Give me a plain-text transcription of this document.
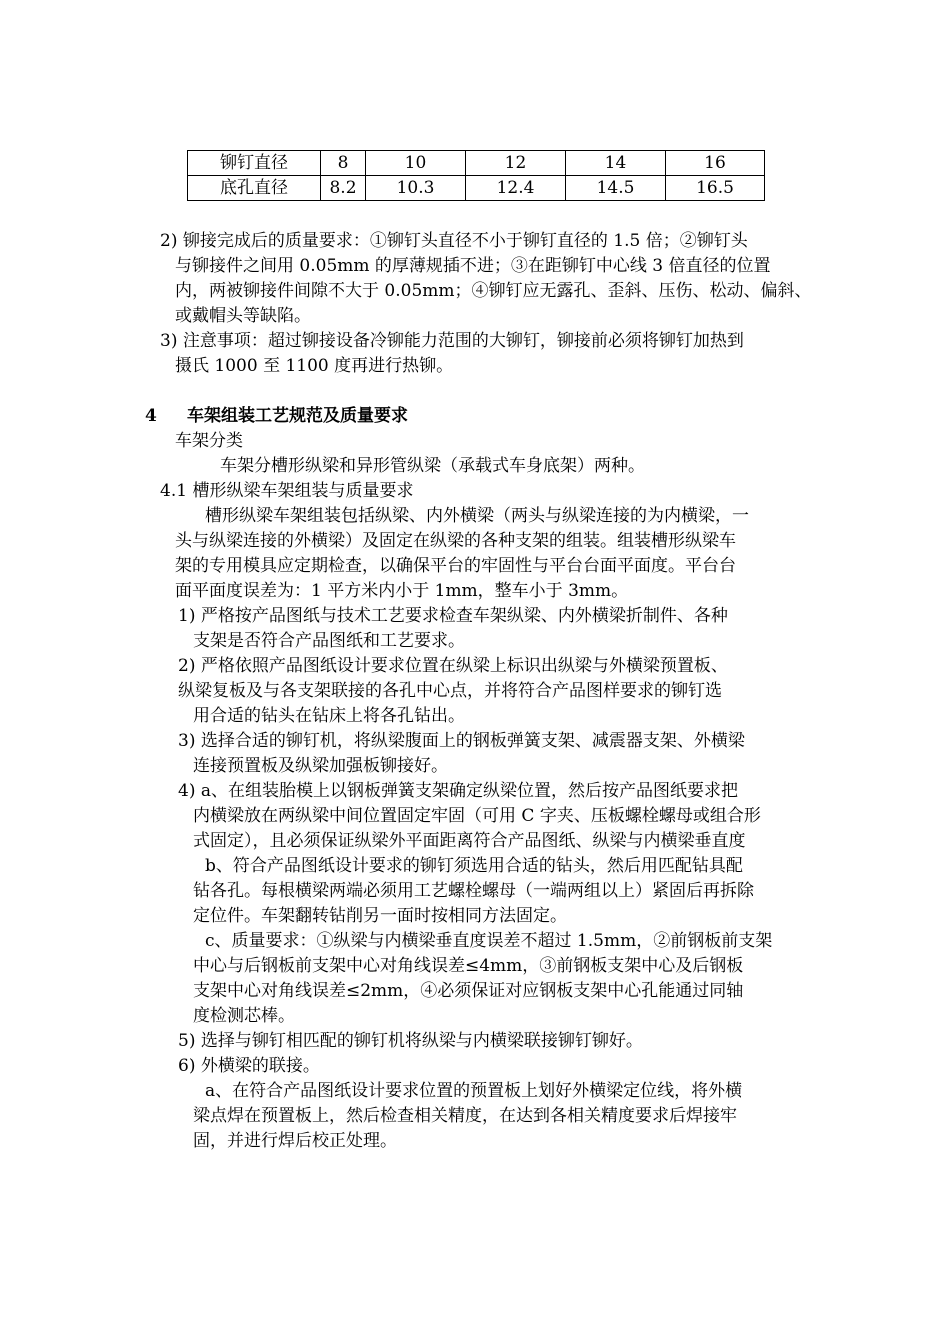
铆钉直径	8	10	12	14	16
底孔直径	8.2	10.3	12.4	14.5	16.5
2) 铆接完成后的质量要求：①铆钉头直径不小于铆钉直径的 1.5 倍；②铆钉头
与铆接件之间用 0.05mm 的厚薄规插不进；③在距铆钉中心线 3 倍直径的位置
内，两被铆接件间隙不大于 0.05mm；④铆钉应无露孔、歪斜、压伤、松动、偏斜、
或戴帽头等缺陷。
3) 注意事项：超过铆接设备冷铆能力范围的大铆钉，铆接前必须将铆钉加热到
摄氏 1000 至 1100 度再进行热铆。
4 车架组装工艺规范及质量要求
车架分类
车架分槽形纵梁和异形管纵梁（承载式车身底架）两种。
4.1 槽形纵梁车架组装与质量要求
槽形纵梁车架组装包括纵梁、内外横梁（两头与纵梁连接的为内横梁，一
头与纵梁连接的外横梁）及固定在纵梁的各种支架的组装。组装槽形纵梁车
架的专用模具应定期检查，以确保平台的牢固性与平台台面平面度。平台台
面平面度误差为：1 平方米内小于 1mm，整车小于 3mm。
1) 严格按产品图纸与技术工艺要求检查车架纵梁、内外横梁折制件、各种
支架是否符合产品图纸和工艺要求。
2) 严格依照产品图纸设计要求位置在纵梁上标识出纵梁与外横梁预置板、
纵梁复板及与各支架联接的各孔中心点，并将符合产品图样要求的铆钉选
用合适的钻头在钻床上将各孔钻出。
3) 选择合适的铆钉机，将纵梁腹面上的钢板弹簧支架、减震器支架、外横梁
连接预置板及纵梁加强板铆接好。
4) a、在组装胎模上以钢板弹簧支架确定纵梁位置，然后按产品图纸要求把
内横梁放在两纵梁中间位置固定牢固（可用 C 字夹、压板螺栓螺母或组合形
式固定），且必须保证纵梁外平面距离符合产品图纸、纵梁与内横梁垂直度
b、符合产品图纸设计要求的铆钉须选用合适的钻头，然后用匹配钻具配
钻各孔。每根横梁两端必须用工艺螺栓螺母（一端两组以上）紧固后再拆除
定位件。车架翻转钻削另一面时按相同方法固定。
c、质量要求：①纵梁与内横梁垂直度误差不超过 1.5mm，②前钢板前支架
中心与后钢板前支架中心对角线误差≤4mm，③前钢板支架中心及后钢板
支架中心对角线误差≤2mm，④必须保证对应钢板支架中心孔能通过同轴
度检测芯棒。
5) 选择与铆钉相匹配的铆钉机将纵梁与内横梁联接铆钉铆好。
6) 外横梁的联接。
a、在符合产品图纸设计要求位置的预置板上划好外横梁定位线，将外横
梁点焊在预置板上，然后检查相关精度，在达到各相关精度要求后焊接牢
固，并进行焊后校正处理。
